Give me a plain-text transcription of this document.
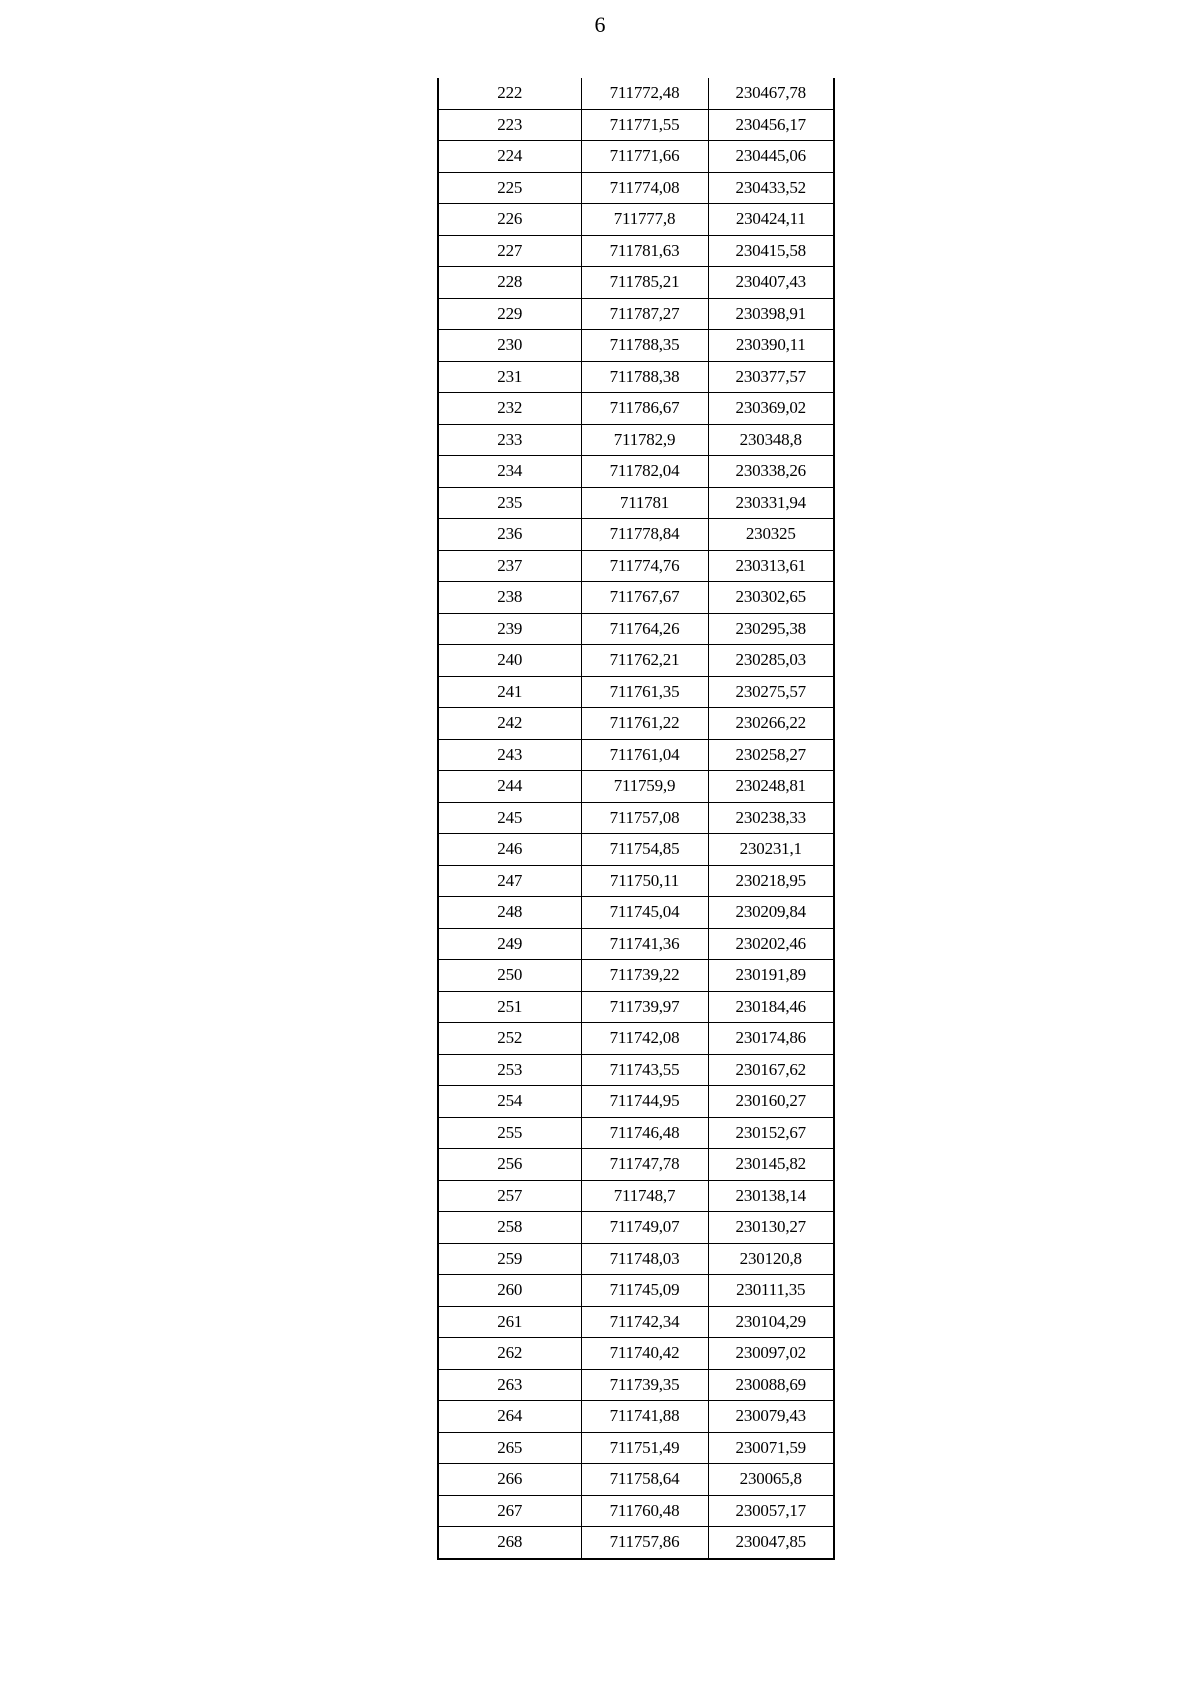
6
222	711772,48	230467,78
223	711771,55	230456,17
224	711771,66	230445,06
225	711774,08	230433,52
226	711777,8	230424,11
227	711781,63	230415,58
228	711785,21	230407,43
229	711787,27	230398,91
230	711788,35	230390,11
231	711788,38	230377,57
232	711786,67	230369,02
233	711782,9	230348,8
234	711782,04	230338,26
235	711781	230331,94
236	711778,84	230325
237	711774,76	230313,61
238	711767,67	230302,65
239	711764,26	230295,38
240	711762,21	230285,03
241	711761,35	230275,57
242	711761,22	230266,22
243	711761,04	230258,27
244	711759,9	230248,81
245	711757,08	230238,33
246	711754,85	230231,1
247	711750,11	230218,95
248	711745,04	230209,84
249	711741,36	230202,46
250	711739,22	230191,89
251	711739,97	230184,46
252	711742,08	230174,86
253	711743,55	230167,62
254	711744,95	230160,27
255	711746,48	230152,67
256	711747,78	230145,82
257	711748,7	230138,14
258	711749,07	230130,27
259	711748,03	230120,8
260	711745,09	230111,35
261	711742,34	230104,29
262	711740,42	230097,02
263	711739,35	230088,69
264	711741,88	230079,43
265	711751,49	230071,59
266	711758,64	230065,8
267	711760,48	230057,17
268	711757,86	230047,85
